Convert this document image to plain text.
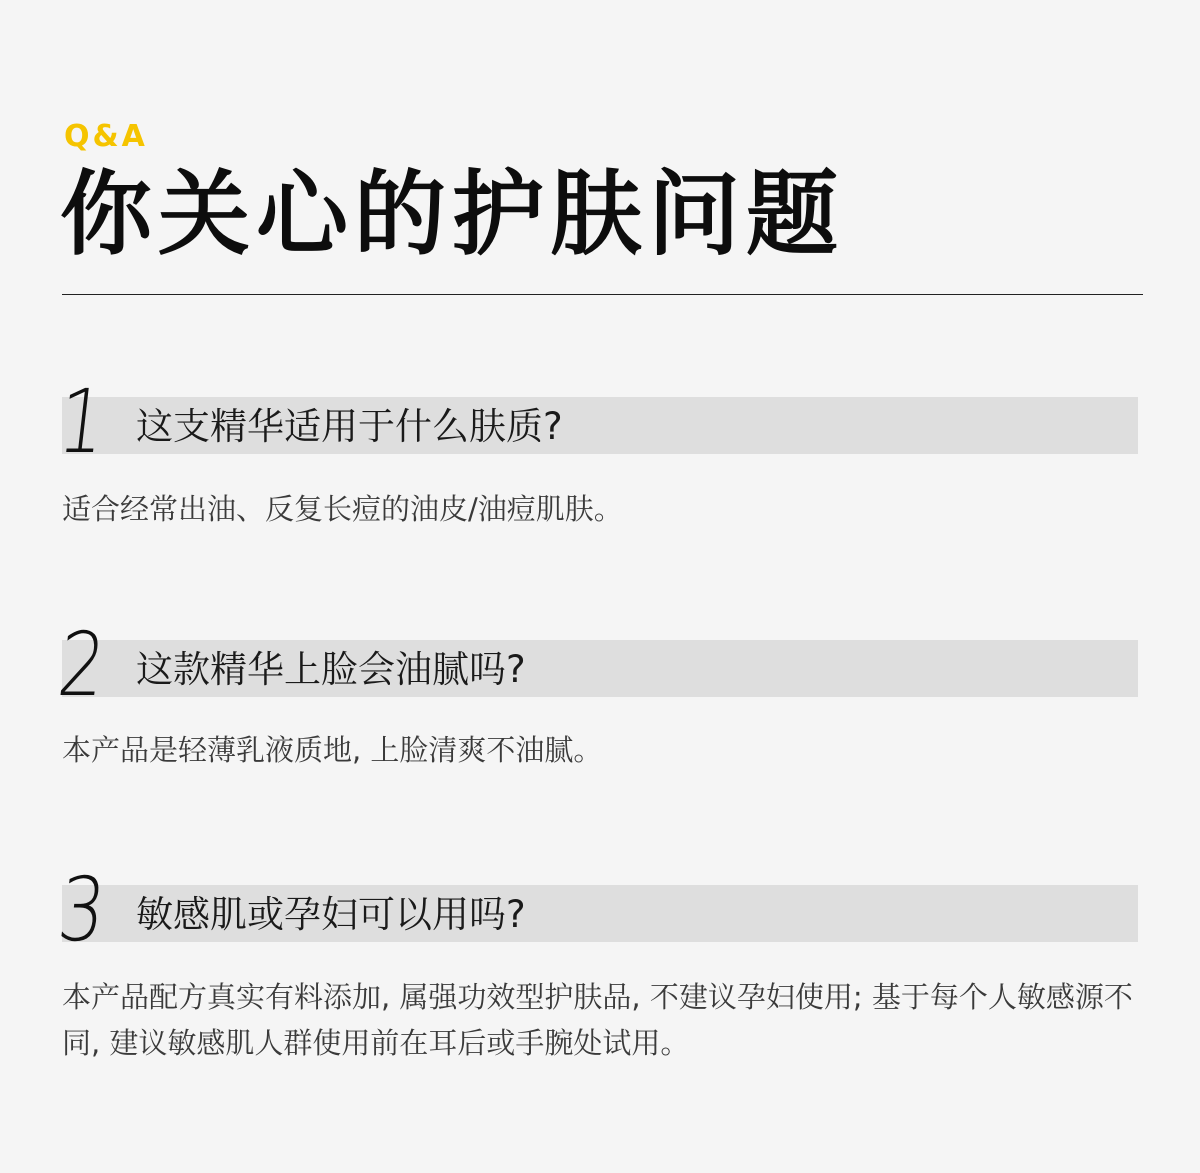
Q&A
你关心的护肤问题
1 这支精华适用于什么肤质?
适合经常出油、反复长痘的油皮/油痘肌肤。
2 这款精华上脸会油腻吗?
本产品是轻薄乳液质地, 上脸清爽不油腻。
3 敏感肌或孕妇可以用吗?
本产品配方真实有料添加, 属强功效型护肤品, 不建议孕妇使用; 基于每个人敏感源不同, 建议敏感肌人群使用前在耳后或手腕处试用。
